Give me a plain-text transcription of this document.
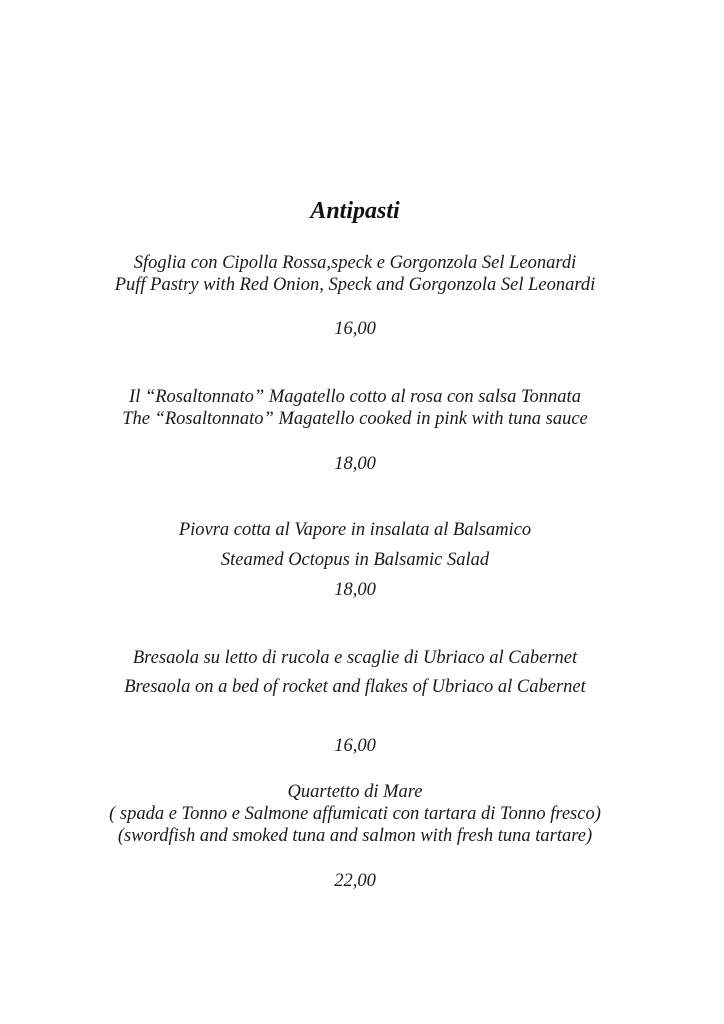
Antipasti
Sfoglia con Cipolla Rossa,speck e Gorgonzola Sel Leonardi
Puff Pastry with Red Onion, Speck and Gorgonzola Sel Leonardi
16,00
Il “Rosaltonnato” Magatello cotto al rosa con salsa Tonnata
The “Rosaltonnato” Magatello cooked in pink with tuna sauce
18,00
Piovra cotta al Vapore in insalata al Balsamico
Steamed Octopus in Balsamic Salad
18,00
Bresaola su letto di rucola e scaglie di Ubriaco al Cabernet
Bresaola on a bed of rocket and flakes of Ubriaco al Cabernet
16,00
Quartetto di Mare
( spada e Tonno e Salmone affumicati con tartara di Tonno fresco)
(swordfish and smoked tuna and salmon with fresh tuna tartare)
22,00
